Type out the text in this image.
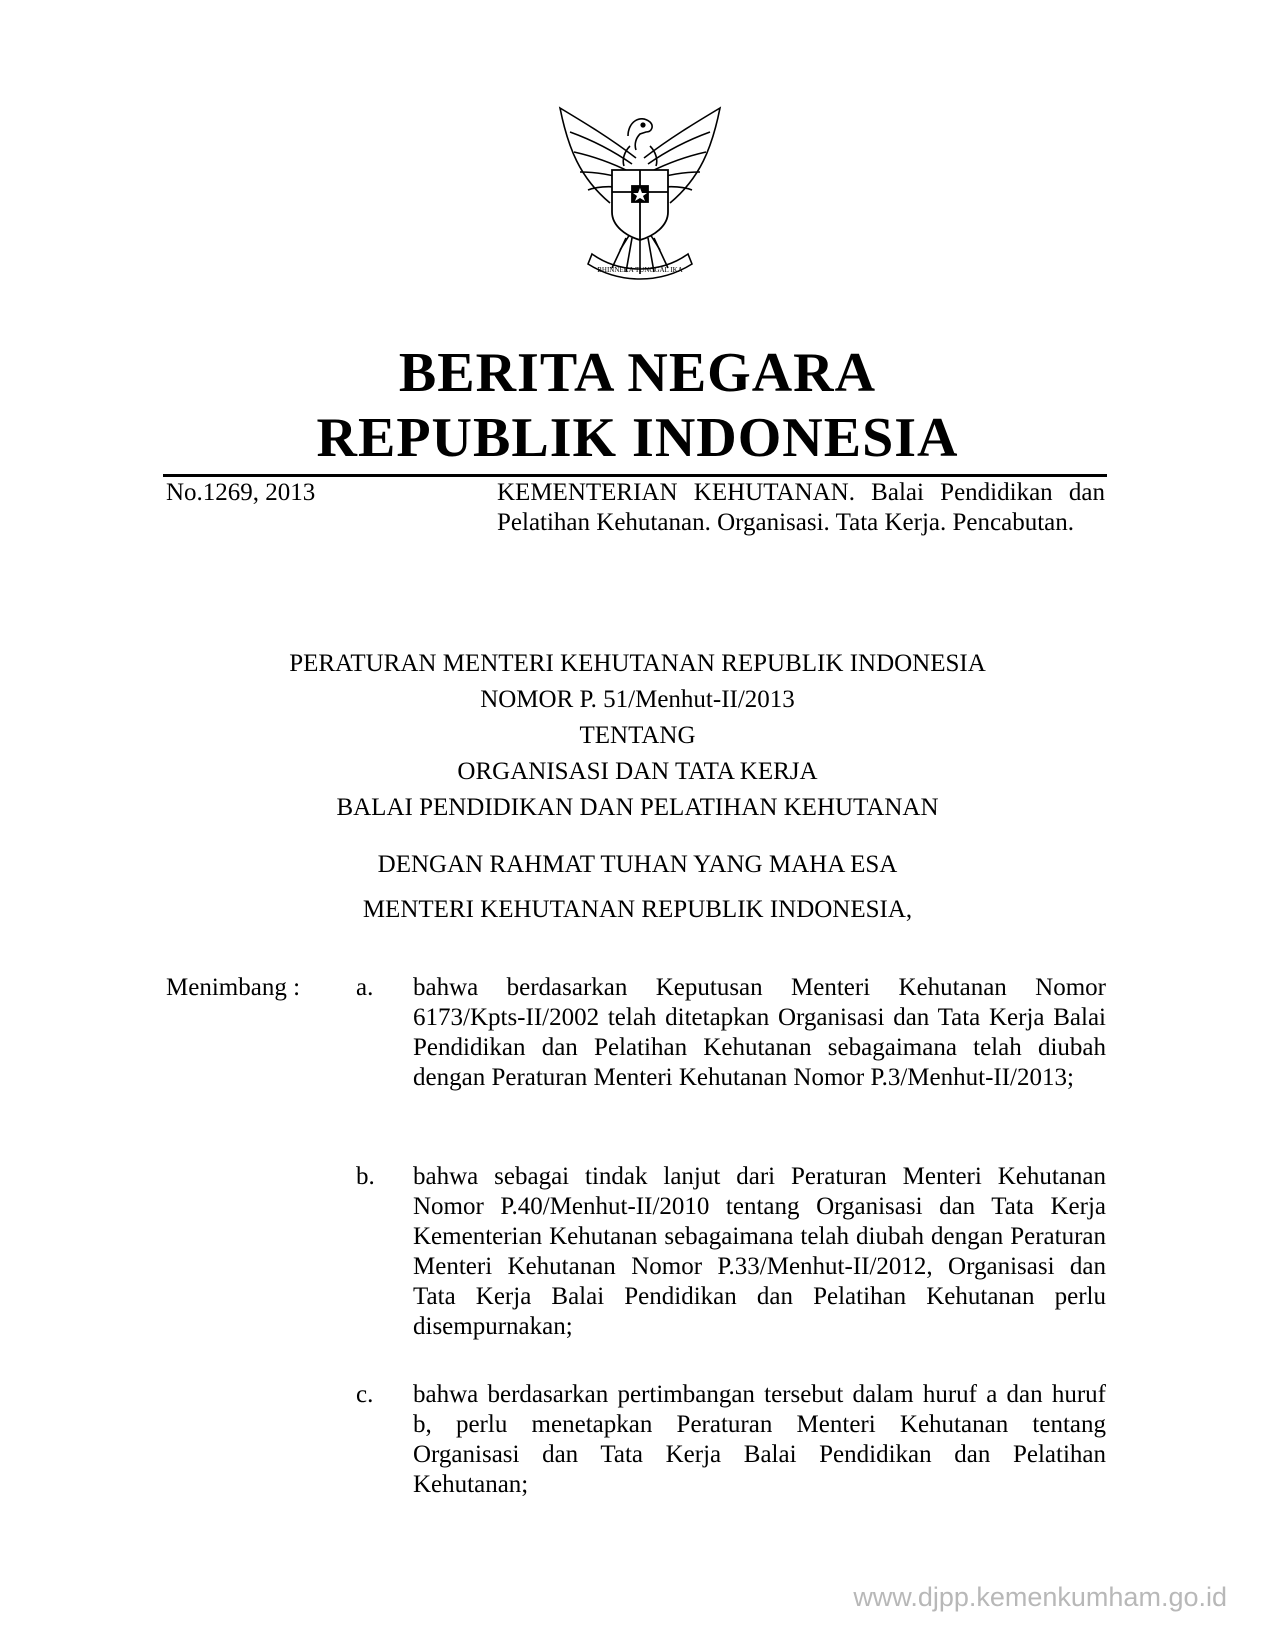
BHINNEKA TUNGGAL IKA
BERITA NEGARA
REPUBLIK INDONESIA
No.1269, 2013	KEMENTERIAN KEHUTANAN. Balai Pendidikan dan Pelatihan Kehutanan. Organisasi. Tata Kerja. Pencabutan.
PERATURAN MENTERI KEHUTANAN REPUBLIK INDONESIA
NOMOR P. 51/Menhut-II/2013
TENTANG
ORGANISASI DAN TATA KERJA
BALAI PENDIDIKAN DAN PELATIHAN KEHUTANAN
DENGAN RAHMAT TUHAN YANG MAHA ESA
MENTERI KEHUTANAN REPUBLIK INDONESIA,
Menimbang : a.	bahwa berdasarkan Keputusan Menteri Kehutanan Nomor 6173/Kpts-II/2002 telah ditetapkan Organisasi dan Tata Kerja Balai Pendidikan dan Pelatihan Kehutanan sebagaimana telah diubah dengan Peraturan Menteri Kehutanan Nomor P.3/Menhut-II/2013;
b.	bahwa sebagai tindak lanjut dari Peraturan Menteri Kehutanan Nomor P.40/Menhut-II/2010 tentang Organisasi dan Tata Kerja Kementerian Kehutanan sebagaimana telah diubah dengan Peraturan Menteri Kehutanan Nomor P.33/Menhut-II/2012, Organisasi dan Tata Kerja Balai Pendidikan dan Pelatihan Kehutanan perlu disempurnakan;
c.	bahwa berdasarkan pertimbangan tersebut dalam huruf a dan huruf b, perlu menetapkan Peraturan Menteri Kehutanan tentang Organisasi dan Tata Kerja Balai Pendidikan dan Pelatihan Kehutanan;
www.djpp.kemenkumham.go.id
